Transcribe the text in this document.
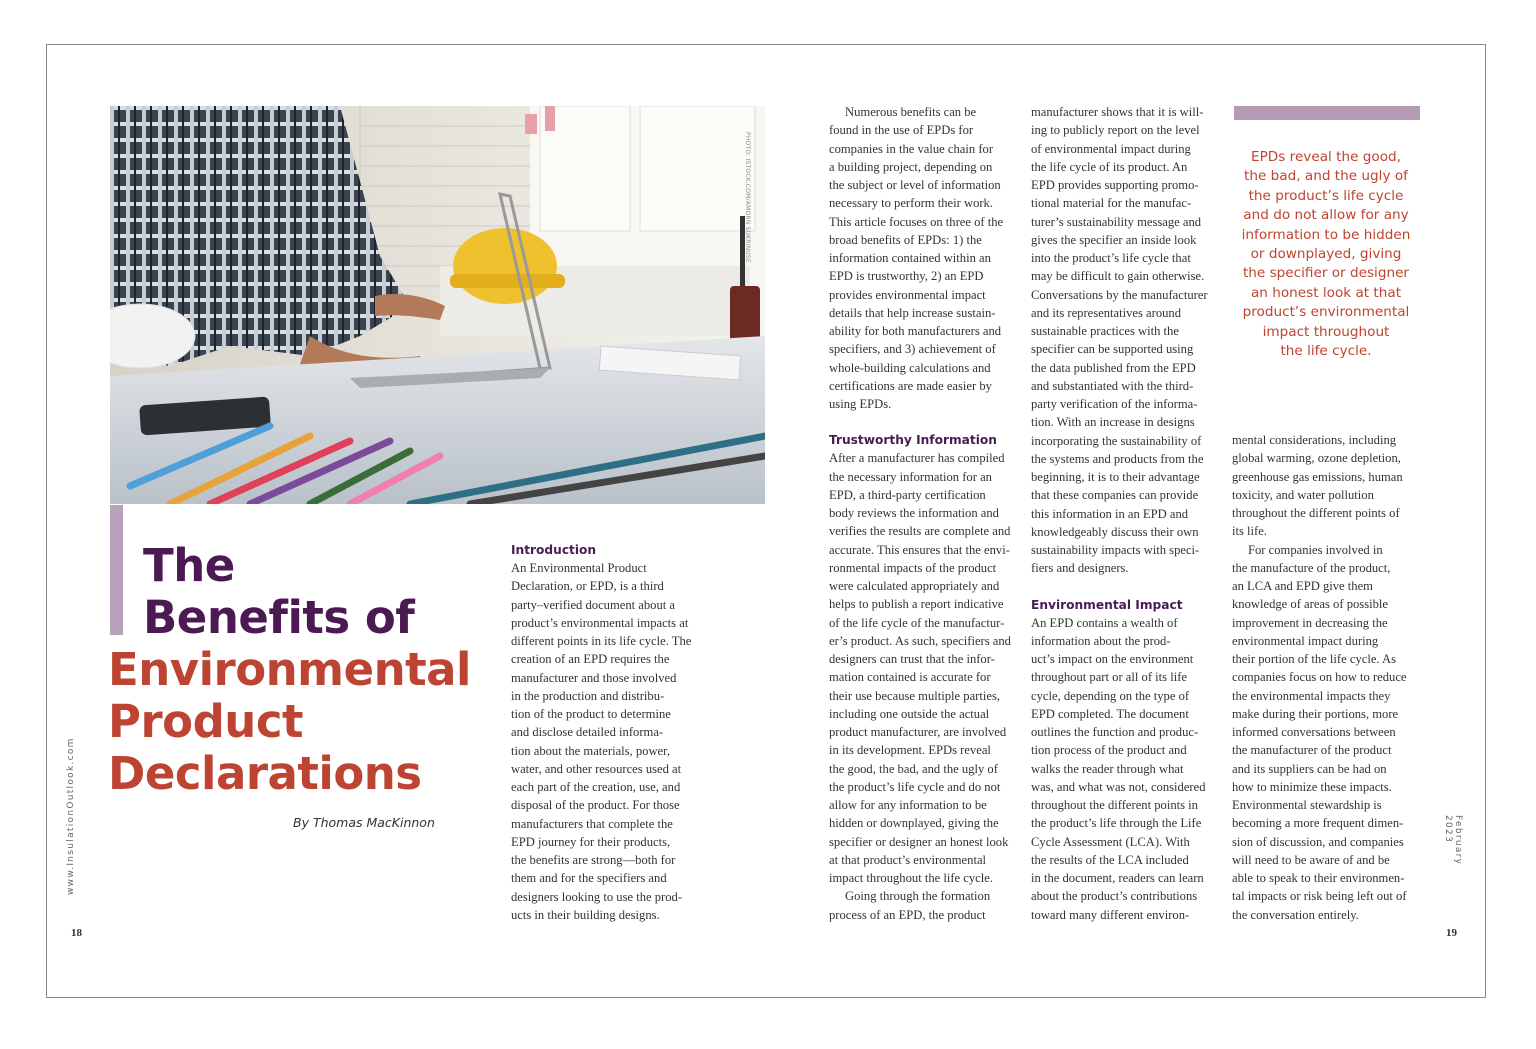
PHOTO: ISTOCK.COM/AMORN SUKRINUSE
The
Benefits of
Environmental
Product
Declarations
By Thomas MacKinnon
www.InsulationOutlook.com	February 2023
18	19

Introduction

An Environmental Product
Declaration, or EPD, is a third
party–verified document about a
product’s environmental impacts at
different points in its life cycle. The
creation of an EPD requires the
manufacturer and those involved
in the production and distribu-
tion of the product to determine
and disclose detailed informa-
tion about the materials, power,
water, and other resources used at
each part of the creation, use, and
disposal of the product. For those
manufacturers that complete the
EPD journey for their products,
the benefits are strong—both for
them and for the specifiers and
designers looking to use the prod-
ucts in their building designs.
Numerous benefits can be
found in the use of EPDs for
companies in the value chain for
a building project, depending on
the subject or level of information
necessary to perform their work.
This article focuses on three of the
broad benefits of EPDs: 1) the
information contained within an
EPD is trustworthy, 2) an EPD
provides environmental impact
details that help increase sustain-
ability for both manufacturers and
specifiers, and 3) achievement of
whole-building calculations and
certifications are made easier by
using EPDs.

Trustworthy Information

After a manufacturer has compiled
the necessary information for an
EPD, a third-party certification
body reviews the information and
verifies the results are complete and
accurate. This ensures that the envi-
ronmental impacts of the product
were calculated appropriately and
helps to publish a report indicative
of the life cycle of the manufactur-
er’s product. As such, specifiers and
designers can trust that the infor-
mation contained is accurate for
their use because multiple parties,
including one outside the actual
product manufacturer, are involved
in its development. EPDs reveal
the good, the bad, and the ugly of
the product’s life cycle and do not
allow for any information to be
hidden or downplayed, giving the
specifier or designer an honest look
at that product’s environmental
impact throughout the life cycle.
Going through the formation
process of an EPD, the product
manufacturer shows that it is will-
ing to publicly report on the level
of environmental impact during
the life cycle of its product. An
EPD provides supporting promo-
tional material for the manufac-
turer’s sustainability message and
gives the specifier an inside look
into the product’s life cycle that
may be difficult to gain otherwise.
Conversations by the manufacturer
and its representatives around
sustainable practices with the
specifier can be supported using
the data published from the EPD
and substantiated with the third-
party verification of the informa-
tion. With an increase in designs
incorporating the sustainability of
the systems and products from the
beginning, it is to their advantage
that these companies can provide
this information in an EPD and
knowledgeably discuss their own
sustainability impacts with speci-
fiers and designers.

Environmental Impact

An EPD contains a wealth of
information about the prod-
uct’s impact on the environment
throughout part or all of its life
cycle, depending on the type of
EPD completed. The document
outlines the function and produc-
tion process of the product and
walks the reader through what
was, and what was not, considered
throughout the different points in
the product’s life through the Life
Cycle Assessment (LCA). With
the results of the LCA included
in the document, readers can learn
about the product’s contributions
toward many different environ-
EPDs reveal the good,
the bad, and the ugly of
the product’s life cycle
and do not allow for any
information to be hidden
or downplayed, giving
the specifier or designer
an honest look at that
product’s environmental
impact throughout
the life cycle.
mental considerations, including
global warming, ozone depletion,
greenhouse gas emissions, human
toxicity, and water pollution
throughout the different points of
its life.
For companies involved in
the manufacture of the product,
an LCA and EPD give them
knowledge of areas of possible
improvement in decreasing the
environmental impact during
their portion of the life cycle. As
companies focus on how to reduce
the environmental impacts they
make during their portions, more
informed conversations between
the manufacturer of the product
and its suppliers can be had on
how to minimize these impacts.
Environmental stewardship is
becoming a more frequent dimen-
sion of discussion, and companies
will need to be aware of and be
able to speak to their environmen-
tal impacts or risk being left out of
the conversation entirely.
